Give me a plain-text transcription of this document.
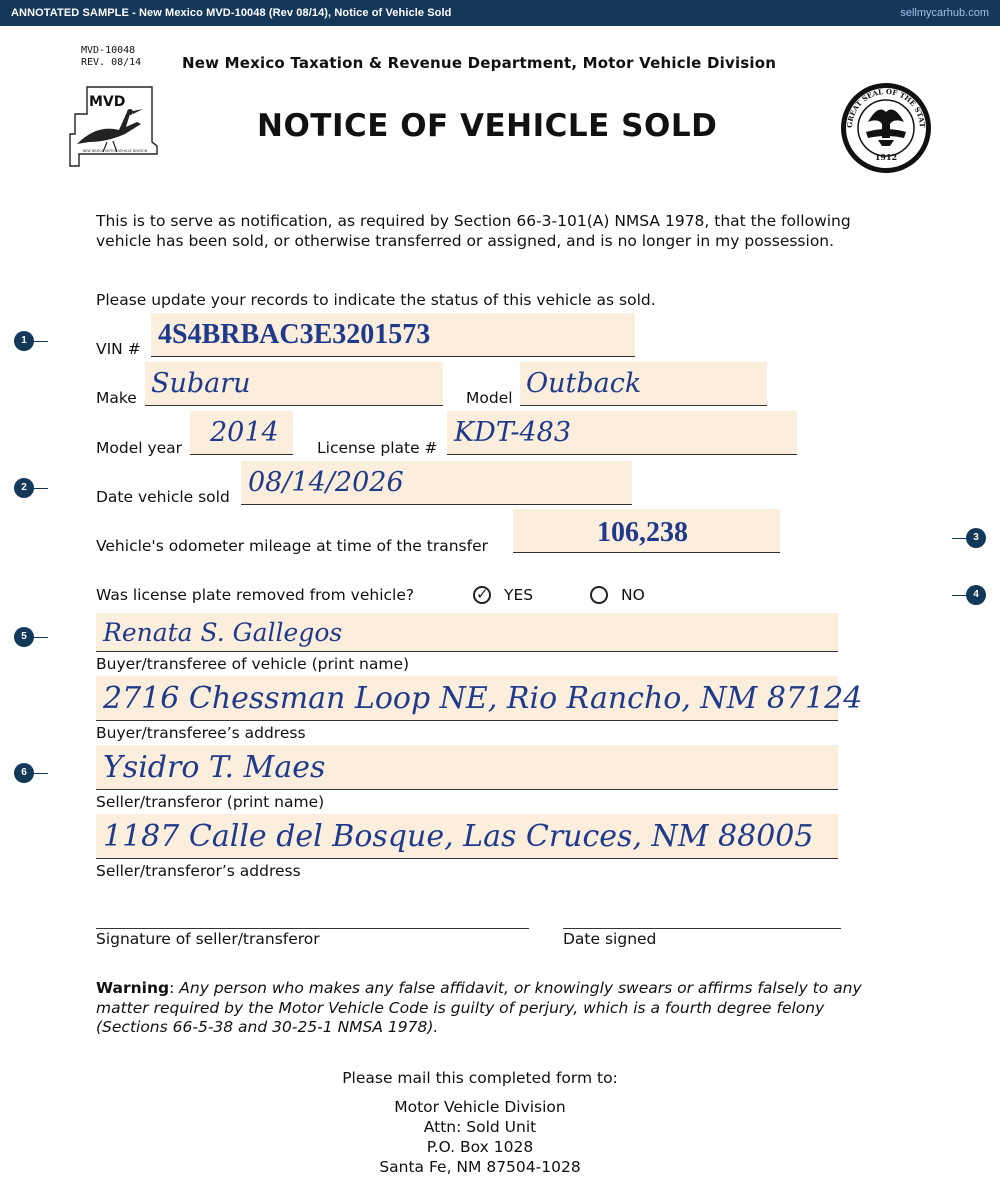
ANNOTATED SAMPLE - New Mexico MVD-10048 (Rev 08/14), Notice of Vehicle Sold	sellmycarhub.com
MVD-10048
REV. 08/14	New Mexico Taxation & Revenue Department, Motor Vehicle Division
NOTICE OF VEHICLE SOLD
MVD
NEW MEXICO MOTOR VEHICLE DIVISION
GREAT SEAL OF THE STAT
1912
This is to serve as notification, as required by Section 66-3-101(A) NMSA 1978, that the following vehicle has been sold, or otherwise transferred or assigned, and is no longer in my possession.
Please update your records to indicate the status of this vehicle as sold.
1
2
3
4
5
6
VIN # 4S4BRBAC3E3201573
Make Subaru	Model Outback
Model year 2014 License plate # KDT-483
Date vehicle sold 08/14/2026
Vehicle's odometer mileage at time of the transfer	106,238
Was license plate removed from vehicle?	✓ YES	NO
Renata S. Gallegos
Buyer/transferee of vehicle (print name)
2716 Chessman Loop NE, Rio Rancho, NM 87124
Buyer/transferee’s address
Ysidro T. Maes
Seller/transferor (print name)
1187 Calle del Bosque, Las Cruces, NM 88005
Seller/transferor’s address
Signature of seller/transferor	Date signed
Warning: Any person who makes any false affidavit, or knowingly swears or affirms falsely to any matter required by the Motor Vehicle Code is guilty of perjury, which is a fourth degree felony (Sections 66-5-38 and 30-25-1 NMSA 1978).
Please mail this completed form to:
Motor Vehicle Division
Attn: Sold Unit
P.O. Box 1028
Santa Fe, NM 87504-1028
